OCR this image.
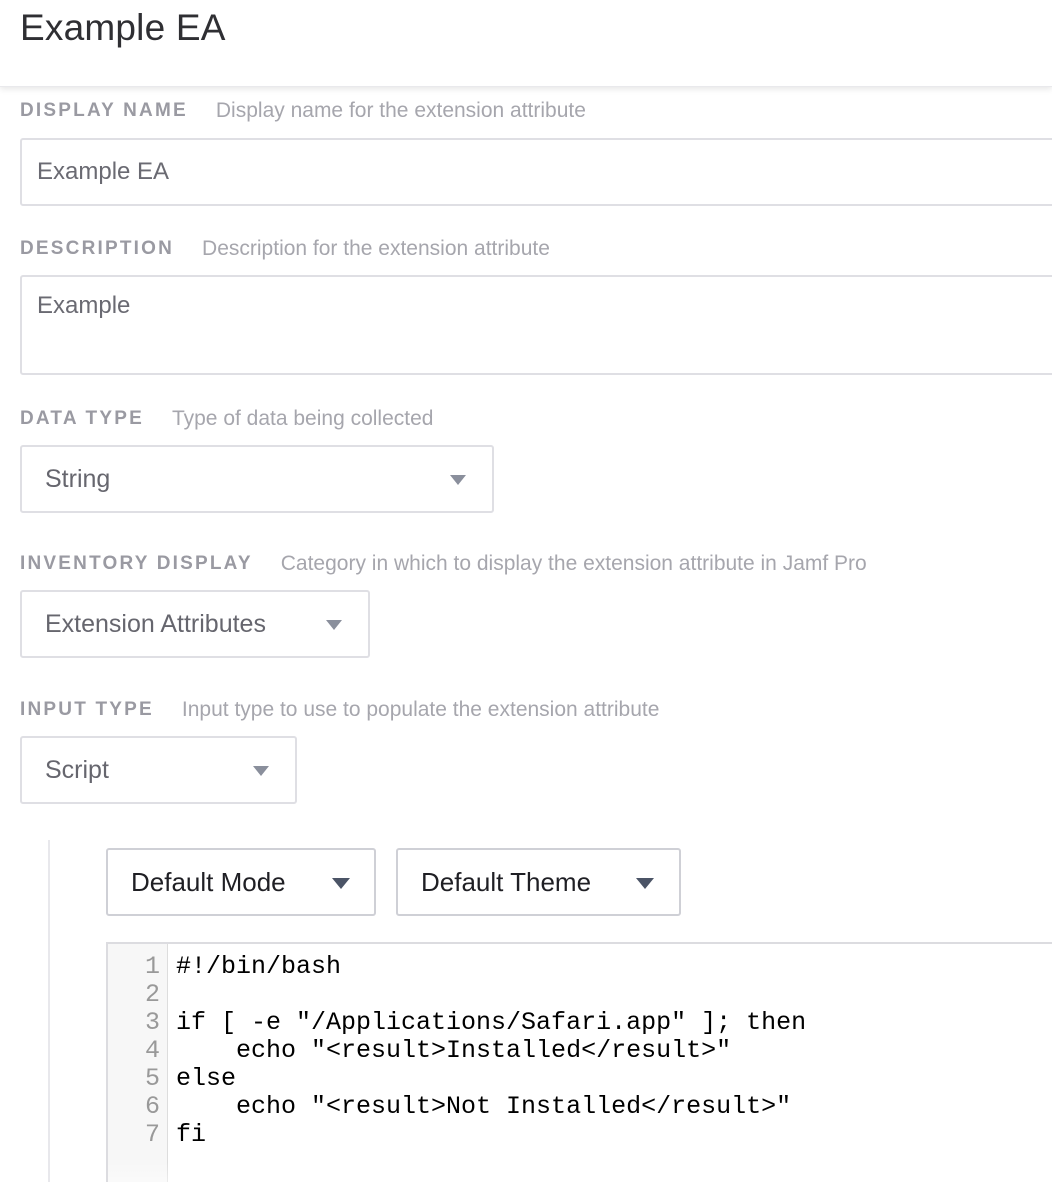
Example EA
DISPLAY NAME Display name for the extension attribute
Example EA
DESCRIPTION Description for the extension attribute
Example
DATA TYPE Type of data being collected
String
INVENTORY DISPLAY Category in which to display the extension attribute in Jamf Pro
Extension Attributes
INPUT TYPE Input type to use to populate the extension attribute
Script
Default Mode	Default Theme
1 #!/bin/bash
2
3 if [ -e "/Applications/Safari.app" ]; then
4 echo "<result>Installed</result>"
5 else
6 echo "<result>Not Installed</result>"
7 fi
